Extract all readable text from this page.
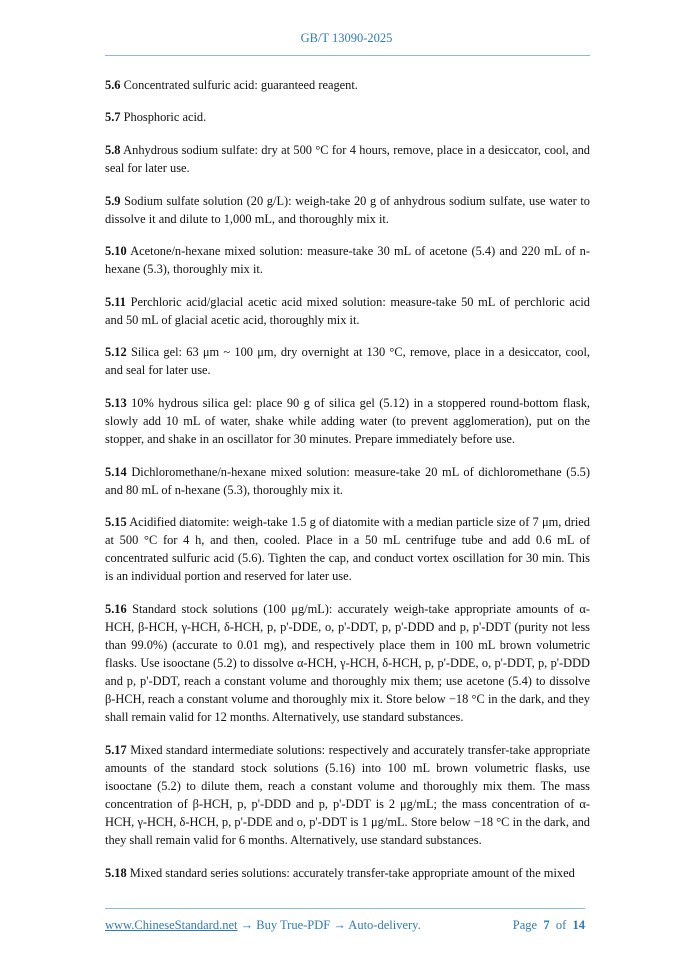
GB/T 13090-2025

5.6 Concentrated sulfuric acid: guaranteed reagent.

5.7 Phosphoric acid.

5.8 Anhydrous sodium sulfate: dry at 500 °C for 4 hours, remove, place in a desiccator, cool, and seal for later use.

5.9 Sodium sulfate solution (20 g/L): weigh-take 20 g of anhydrous sodium sulfate, use water to dissolve it and dilute to 1,000 mL, and thoroughly mix it.

5.10 Acetone/n-hexane mixed solution: measure-take 30 mL of acetone (5.4) and 220 mL of n-hexane (5.3), thoroughly mix it.

5.11 Perchloric acid/glacial acetic acid mixed solution: measure-take 50 mL of perchloric acid and 50 mL of glacial acetic acid, thoroughly mix it.

5.12 Silica gel: 63 μm ~ 100 μm, dry overnight at 130 °C, remove, place in a desiccator, cool, and seal for later use.

5.13 10% hydrous silica gel: place 90 g of silica gel (5.12) in a stoppered round-bottom flask, slowly add 10 mL of water, shake while adding water (to prevent agglomeration), put on the stopper, and shake in an oscillator for 30 minutes. Prepare immediately before use.

5.14 Dichloromethane/n-hexane mixed solution: measure-take 20 mL of dichloromethane (5.5) and 80 mL of n-hexane (5.3), thoroughly mix it.

5.15 Acidified diatomite: weigh-take 1.5 g of diatomite with a median particle size of 7 μm, dried at 500 °C for 4 h, and then, cooled. Place in a 50 mL centrifuge tube and add 0.6 mL of concentrated sulfuric acid (5.6). Tighten the cap, and conduct vortex oscillation for 30 min. This is an individual portion and reserved for later use.

5.16 Standard stock solutions (100 μg/mL): accurately weigh-take appropriate amounts of α-HCH, β-HCH, γ-HCH, δ-HCH, p, p'-DDE, o, p'-DDT, p, p'-DDD and p, p'-DDT (purity not less than 99.0%) (accurate to 0.01 mg), and respectively place them in 100 mL brown volumetric flasks. Use isooctane (5.2) to dissolve α-HCH, γ-HCH, δ-HCH, p, p'-DDE, o, p'-DDT, p, p'-DDD and p, p'-DDT, reach a constant volume and thoroughly mix them; use acetone (5.4) to dissolve β-HCH, reach a constant volume and thoroughly mix it. Store below −18 °C in the dark, and they shall remain valid for 12 months. Alternatively, use standard substances.

5.17 Mixed standard intermediate solutions: respectively and accurately transfer-take appropriate amounts of the standard stock solutions (5.16) into 100 mL brown volumetric flasks, use isooctane (5.2) to dilute them, reach a constant volume and thoroughly mix them. The mass concentration of β-HCH, p, p'-DDD and p, p'-DDT is 2 μg/mL; the mass concentration of α-HCH, γ-HCH, δ-HCH, p, p'-DDE and o, p'-DDT is 1 μg/mL. Store below −18 °C in the dark, and they shall remain valid for 6 months. Alternatively, use standard substances.

5.18 Mixed standard series solutions: accurately transfer-take appropriate amount of the mixed

www.ChineseStandard.net → Buy True-PDF → Auto-delivery.	Page 7 of 14
